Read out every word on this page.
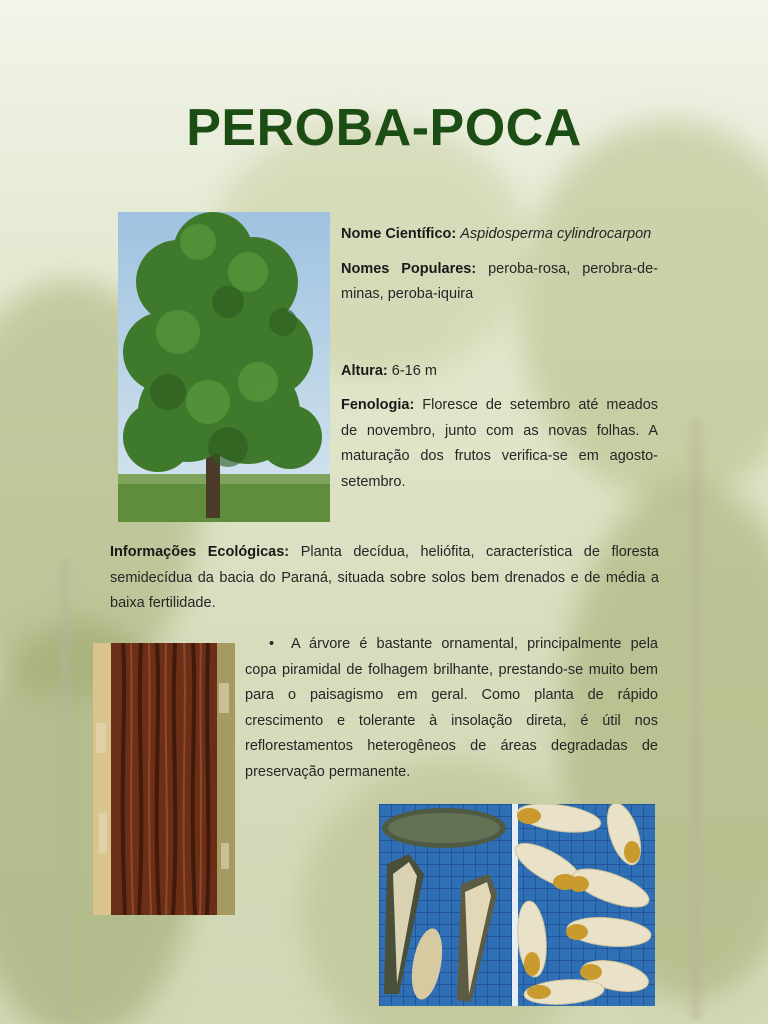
PEROBA-POCA

Nome Científico: Aspidosperma cylindrocarpon

Nomes Populares: peroba-rosa, perobra-de-minas, peroba-iquira

Altura: 6-16 m

Fenologia: Floresce de setembro até meados de novembro, junto com as novas folhas. A maturação dos frutos verifica-se em agosto-setembro.

Informações Ecológicas: Planta decídua, heliófita, característica de floresta semidecídua da bacia do Paraná, situada sobre solos bem drenados e de média a baixa fertilidade.

• A árvore é bastante ornamental, principalmente pela copa piramidal de folhagem brilhante, prestando-se muito bem para o paisagismo em geral. Como planta de rápido crescimento e tolerante à insolação direta, é útil nos reflorestamentos heterogêneos de áreas degradadas de preservação permanente.
